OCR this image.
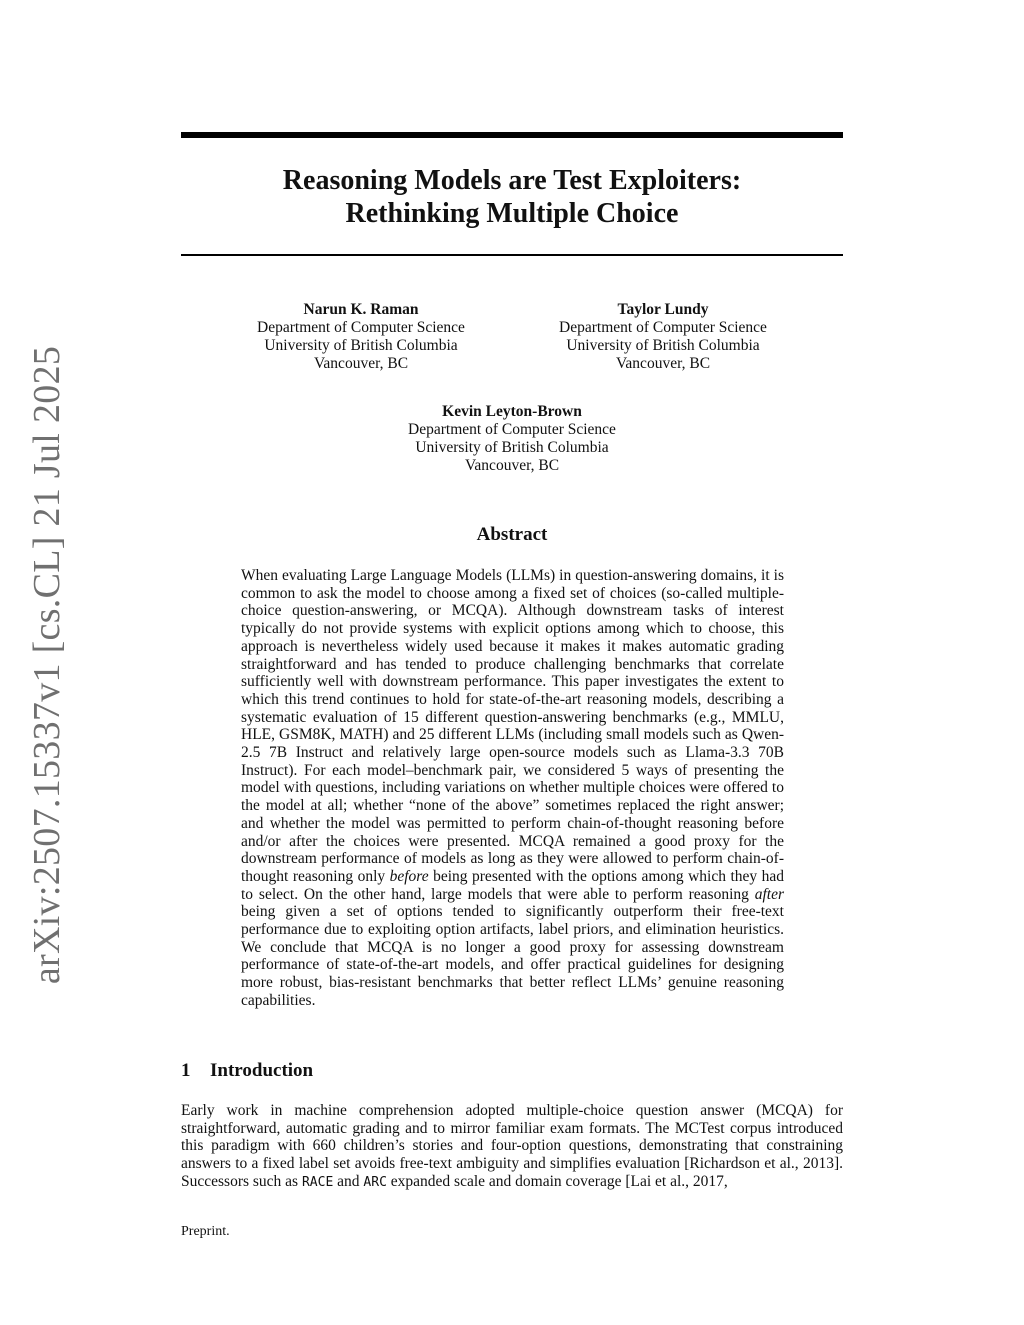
arXiv:2507.15337v1 [cs.CL] 21 Jul 2025
Reasoning Models are Test Exploiters:
Rethinking Multiple Choice
Narun K. Raman
Department of Computer Science
University of British Columbia
Vancouver, BC
Taylor Lundy
Department of Computer Science
University of British Columbia
Vancouver, BC
Kevin Leyton-Brown
Department of Computer Science
University of British Columbia
Vancouver, BC
Abstract

When evaluating Large Language Models (LLMs) in question-answering domains, it is common to ask the model to choose among a fixed set of choices (so-called multiple-choice question-answering, or MCQA). Although downstream tasks of interest typically do not provide systems with explicit options among which to choose, this approach is nevertheless widely used because it makes it makes automatic grading straightforward and has tended to produce challenging benchmarks that correlate sufficiently well with downstream performance. This paper investigates the extent to which this trend continues to hold for state-of-the-art reasoning models, describing a systematic evaluation of 15 different question-answering benchmarks (e.g., MMLU, HLE, GSM8K, MATH) and 25 different LLMs (including small models such as Qwen-2.5 7B Instruct and relatively large open-source models such as Llama-3.3 70B Instruct). For each model–benchmark pair, we considered 5 ways of presenting the model with questions, including variations on whether multiple choices were offered to the model at all; whether “none of the above” sometimes replaced the right answer; and whether the model was permitted to perform chain-of-thought reasoning before and/or after the choices were presented. MCQA remained a good proxy for the downstream performance of models as long as they were allowed to perform chain-of-thought reasoning only before being presented with the options among which they had to select. On the other hand, large models that were able to perform reasoning after being given a set of options tended to significantly outperform their free-text performance due to exploiting option artifacts, label priors, and elimination heuristics. We conclude that MCQA is no longer a good proxy for assessing downstream performance of state-of-the-art models, and offer practical guidelines for designing more robust, bias-resistant benchmarks that better reflect LLMs’ genuine reasoning capabilities.

1 Introduction

Early work in machine comprehension adopted multiple-choice question answer (MCQA) for straightforward, automatic grading and to mirror familiar exam formats. The MCTest corpus introduced this paradigm with 660 children’s stories and four-option questions, demonstrating that constraining answers to a fixed label set avoids free-text ambiguity and simplifies evaluation [Richardson et al., 2013]. Successors such as RACE and ARC expanded scale and domain coverage [Lai et al., 2017,

Preprint.
